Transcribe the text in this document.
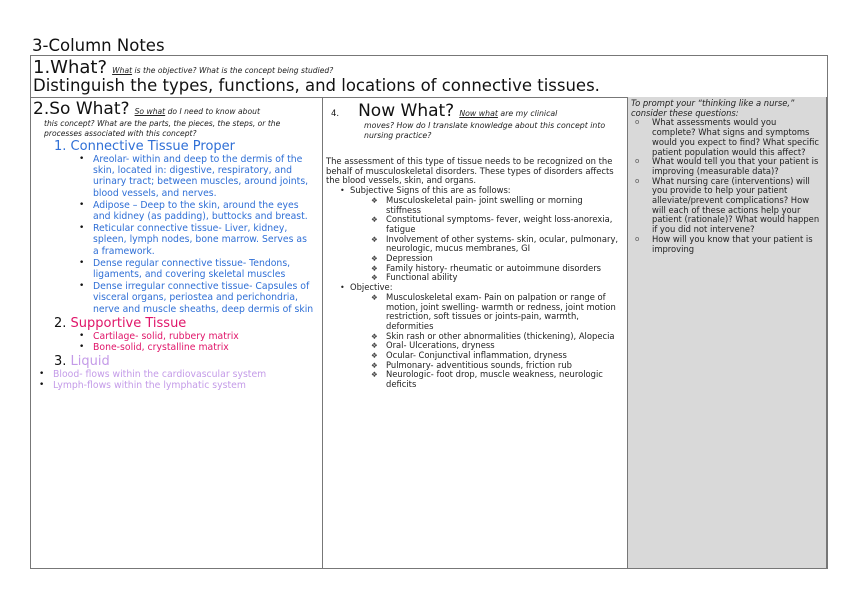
3-Column Notes
1.What? What is the objective? What is the concept being studied?
Distinguish the types, functions, and locations of connective tissues.
2.So What? So what do I need to know about
this concept? What are the parts, the pieces, the steps, or the processes associated with this concept?
1. Connective Tissue Proper
• Areolar- within and deep to the dermis of the skin, located in: digestive, respiratory, and urinary tract; between muscles, around joints, blood vessels, and nerves.
• Adipose – Deep to the skin, around the eyes and kidney (as padding), buttocks and breast.
• Reticular connective tissue- Liver, kidney, spleen, lymph nodes, bone marrow. Serves as a framework.
• Dense regular connective tissue- Tendons, ligaments, and covering skeletal muscles
• Dense irregular connective tissue- Capsules of visceral organs, periostea and perichondria, nerve and muscle sheaths, deep dermis of skin
2. Supportive Tissue
• Cartilage- solid, rubbery matrix
• Bone-solid, crystalline matrix
3. Liquid
• Blood- flows within the cardiovascular system
• Lymph-flows within the lymphatic system
4. Now What? Now what are my clinical
moves? How do I translate knowledge about this concept into nursing practice?
The assessment of this type of tissue needs to be recognized on the behalf of musculoskeletal disorders. These types of disorders affects the blood vessels, skin, and organs.
• Subjective Signs of this are as follows:
❖ Musculoskeletal pain- joint swelling or morning stiffness
❖ Constitutional symptoms- fever, weight loss-anorexia, fatigue
❖ Involvement of other systems- skin, ocular, pulmonary, neurologic, mucus membranes, GI
❖ Depression
❖ Family history- rheumatic or autoimmune disorders
❖ Functional ability
• Objective:
❖ Musculoskeletal exam- Pain on palpation or range of motion, joint swelling- warmth or redness, joint motion restriction, soft tissues or joints-pain, warmth, deformities
❖ Skin rash or other abnormalities (thickening), Alopecia
❖ Oral- Ulcerations, dryness
❖ Ocular- Conjunctival inflammation, dryness
❖ Pulmonary- adventitious sounds, friction rub
❖ Neurologic- foot drop, muscle weakness, neurologic deficits
To prompt your “thinking like a nurse,” consider these questions:
o What assessments would you complete? What signs and symptoms would you expect to find? What specific patient population would this affect?
o What would tell you that your patient is improving (measurable data)?
o What nursing care (interventions) will you provide to help your patient alleviate/prevent complications? How will each of these actions help your patient (rationale)? What would happen if you did not intervene?
o How will you know that your patient is improving
